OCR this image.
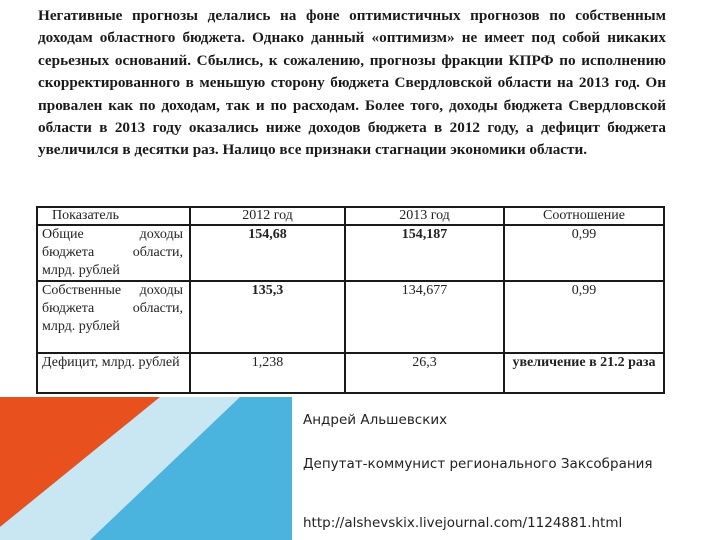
Негативные прогнозы делались на фоне оптимистичных прогнозов по собственным доходам областного бюджета. Однако данный «оптимизм» не имеет под собой никаких серьезных оснований. Сбылись, к сожалению, прогнозы фракции КПРФ по исполнению скорректированного в меньшую сторону бюджета Свердловской области на 2013 год. Он провален как по доходам, так и по расходам. Более того, доходы бюджета Свердловской области в 2013 году оказались ниже доходов бюджета в 2012 году, а дефицит бюджета увеличился в десятки раз. Налицо все признаки стагнации экономики области.

Показатель	2012 год	2013 год	Соотношение
Общие доходы бюджета области, млрд. рублей	154,68	154,187	0,99
Собственные доходы бюджета области, млрд. рублей	135,3	134,677	0,99
Дефицит, млрд. рублей	1,238	26,3	увеличение в 21.2 раза

Андрей Альшевских

Депутат-коммунист регионального Заксобрания

http://alshevskix.livejournal.com/1124881.html
